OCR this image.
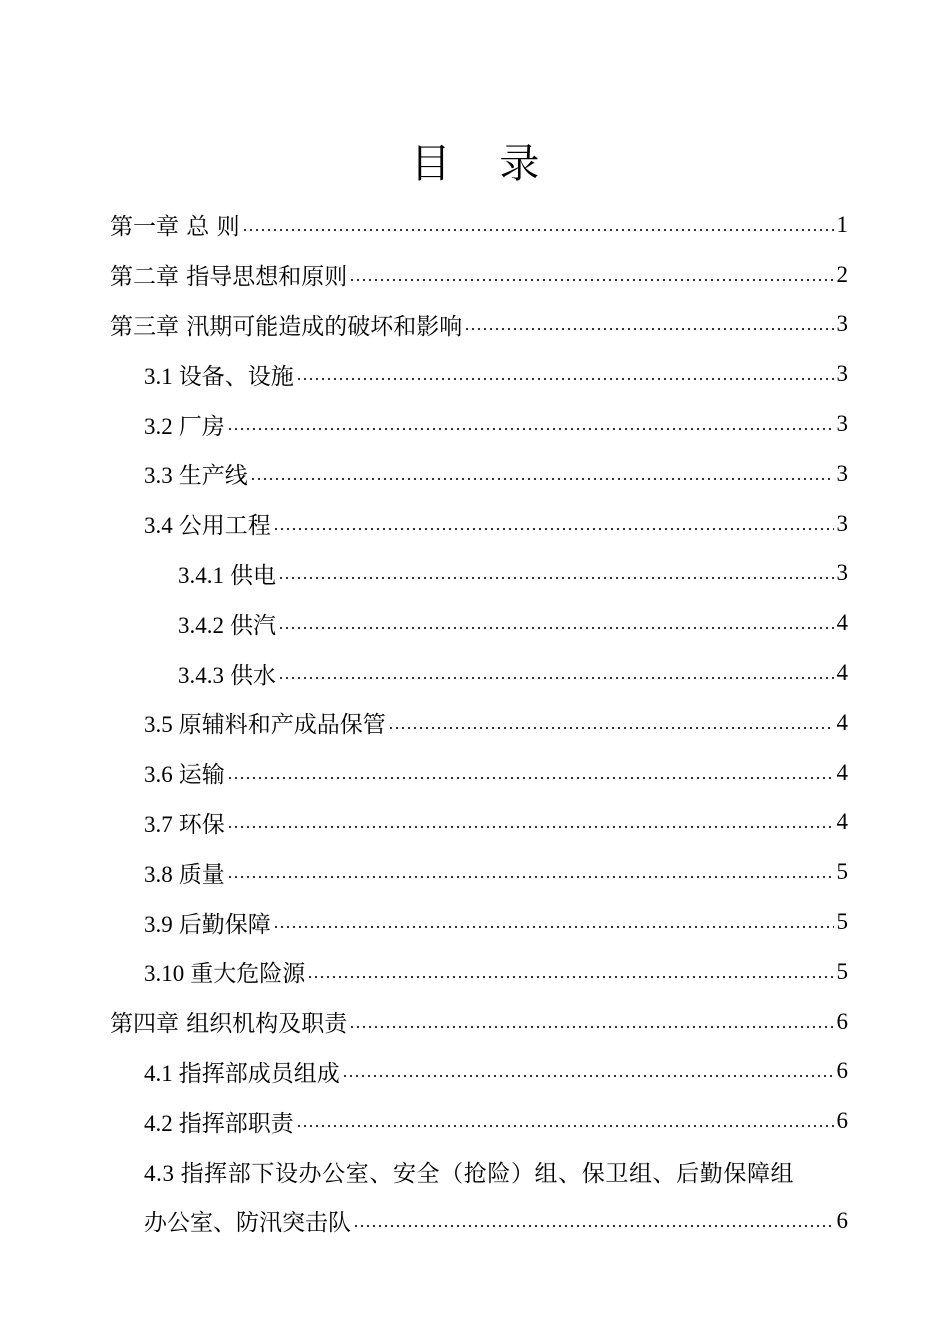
目 录
第一章 总 则	1
第二章 指导思想和原则	2
第三章 汛期可能造成的破坏和影响	3
3.1 设备、设施	3
3.2 厂房	3
3.3 生产线	3
3.4 公用工程	3
3.4.1 供电	3
3.4.2 供汽	4
3.4.3 供水	4
3.5 原辅料和产成品保管	4
3.6 运输	4
3.7 环保	4
3.8 质量	5
3.9 后勤保障	5
3.10 重大危险源	5
第四章 组织机构及职责	6
4.1 指挥部成员组成	6
4.2 指挥部职责	6
4.3 指挥部下设办公室、安全（抢险）组、保卫组、后勤保障组
办公室、防汛突击队	6
